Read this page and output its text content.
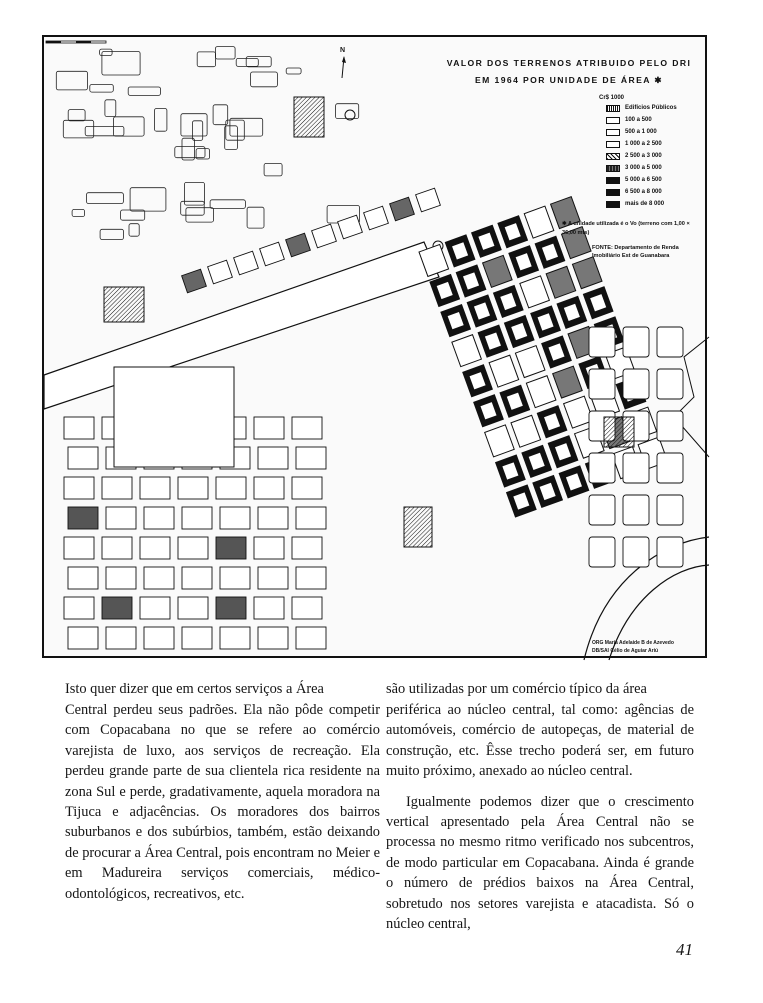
N
VALOR DOS TERRENOS ATRIBUIDO PELO DRI
EM 1964 POR UNIDADE DE ÁREA ✱
Cr$ 1000
Edifícios Públicos
100 a 500
500 a 1 000
1 000 a 2 500
2 500 a 3 000
3 000 a 5 000
5 000 a 6 500
6 500 a 8 000
mais de 8 000
✱ A unidade utilizada é o Vo (terreno com 1,00 × 36,00 mts)
FONTE: Departamento de Renda Imobiliário Est de Guanabara
ORG Maria Adelaide B de Azevedo
DB/SAI Célio de Aguiar Ariú

Isto quer dizer que em certos serviços a Área
Central perdeu seus padrões. Ela não pôde competir com Copacabana no que se refere ao comércio varejista de luxo, aos serviços de recreação. Ela perdeu grande parte de sua clientela rica residente na zona Sul e perde, gradativamente, aquela moradora na Tijuca e adjacências. Os moradores dos bairros suburbanos e dos subúrbios, também, estão deixando de procurar a Área Central, pois encontram no Meier e em Madureira serviços comerciais, médico-odontológicos, recreativos, etc.

são utilizadas por um comércio típico da área
periférica ao núcleo central, tal como: agências de automóveis, comércio de autopeças, de material de construção, etc. Êsse trecho poderá ser, em futuro muito próximo, anexado ao núcleo central.

Igualmente podemos dizer que o crescimento vertical apresentado pela Área Central não se processa no mesmo ritmo verificado nos subcentros, de modo particular em Copacabana. Ainda é grande o número de prédios baixos na Área Central, sobretudo nos setores varejista e atacadista. Só o núcleo central,

41
